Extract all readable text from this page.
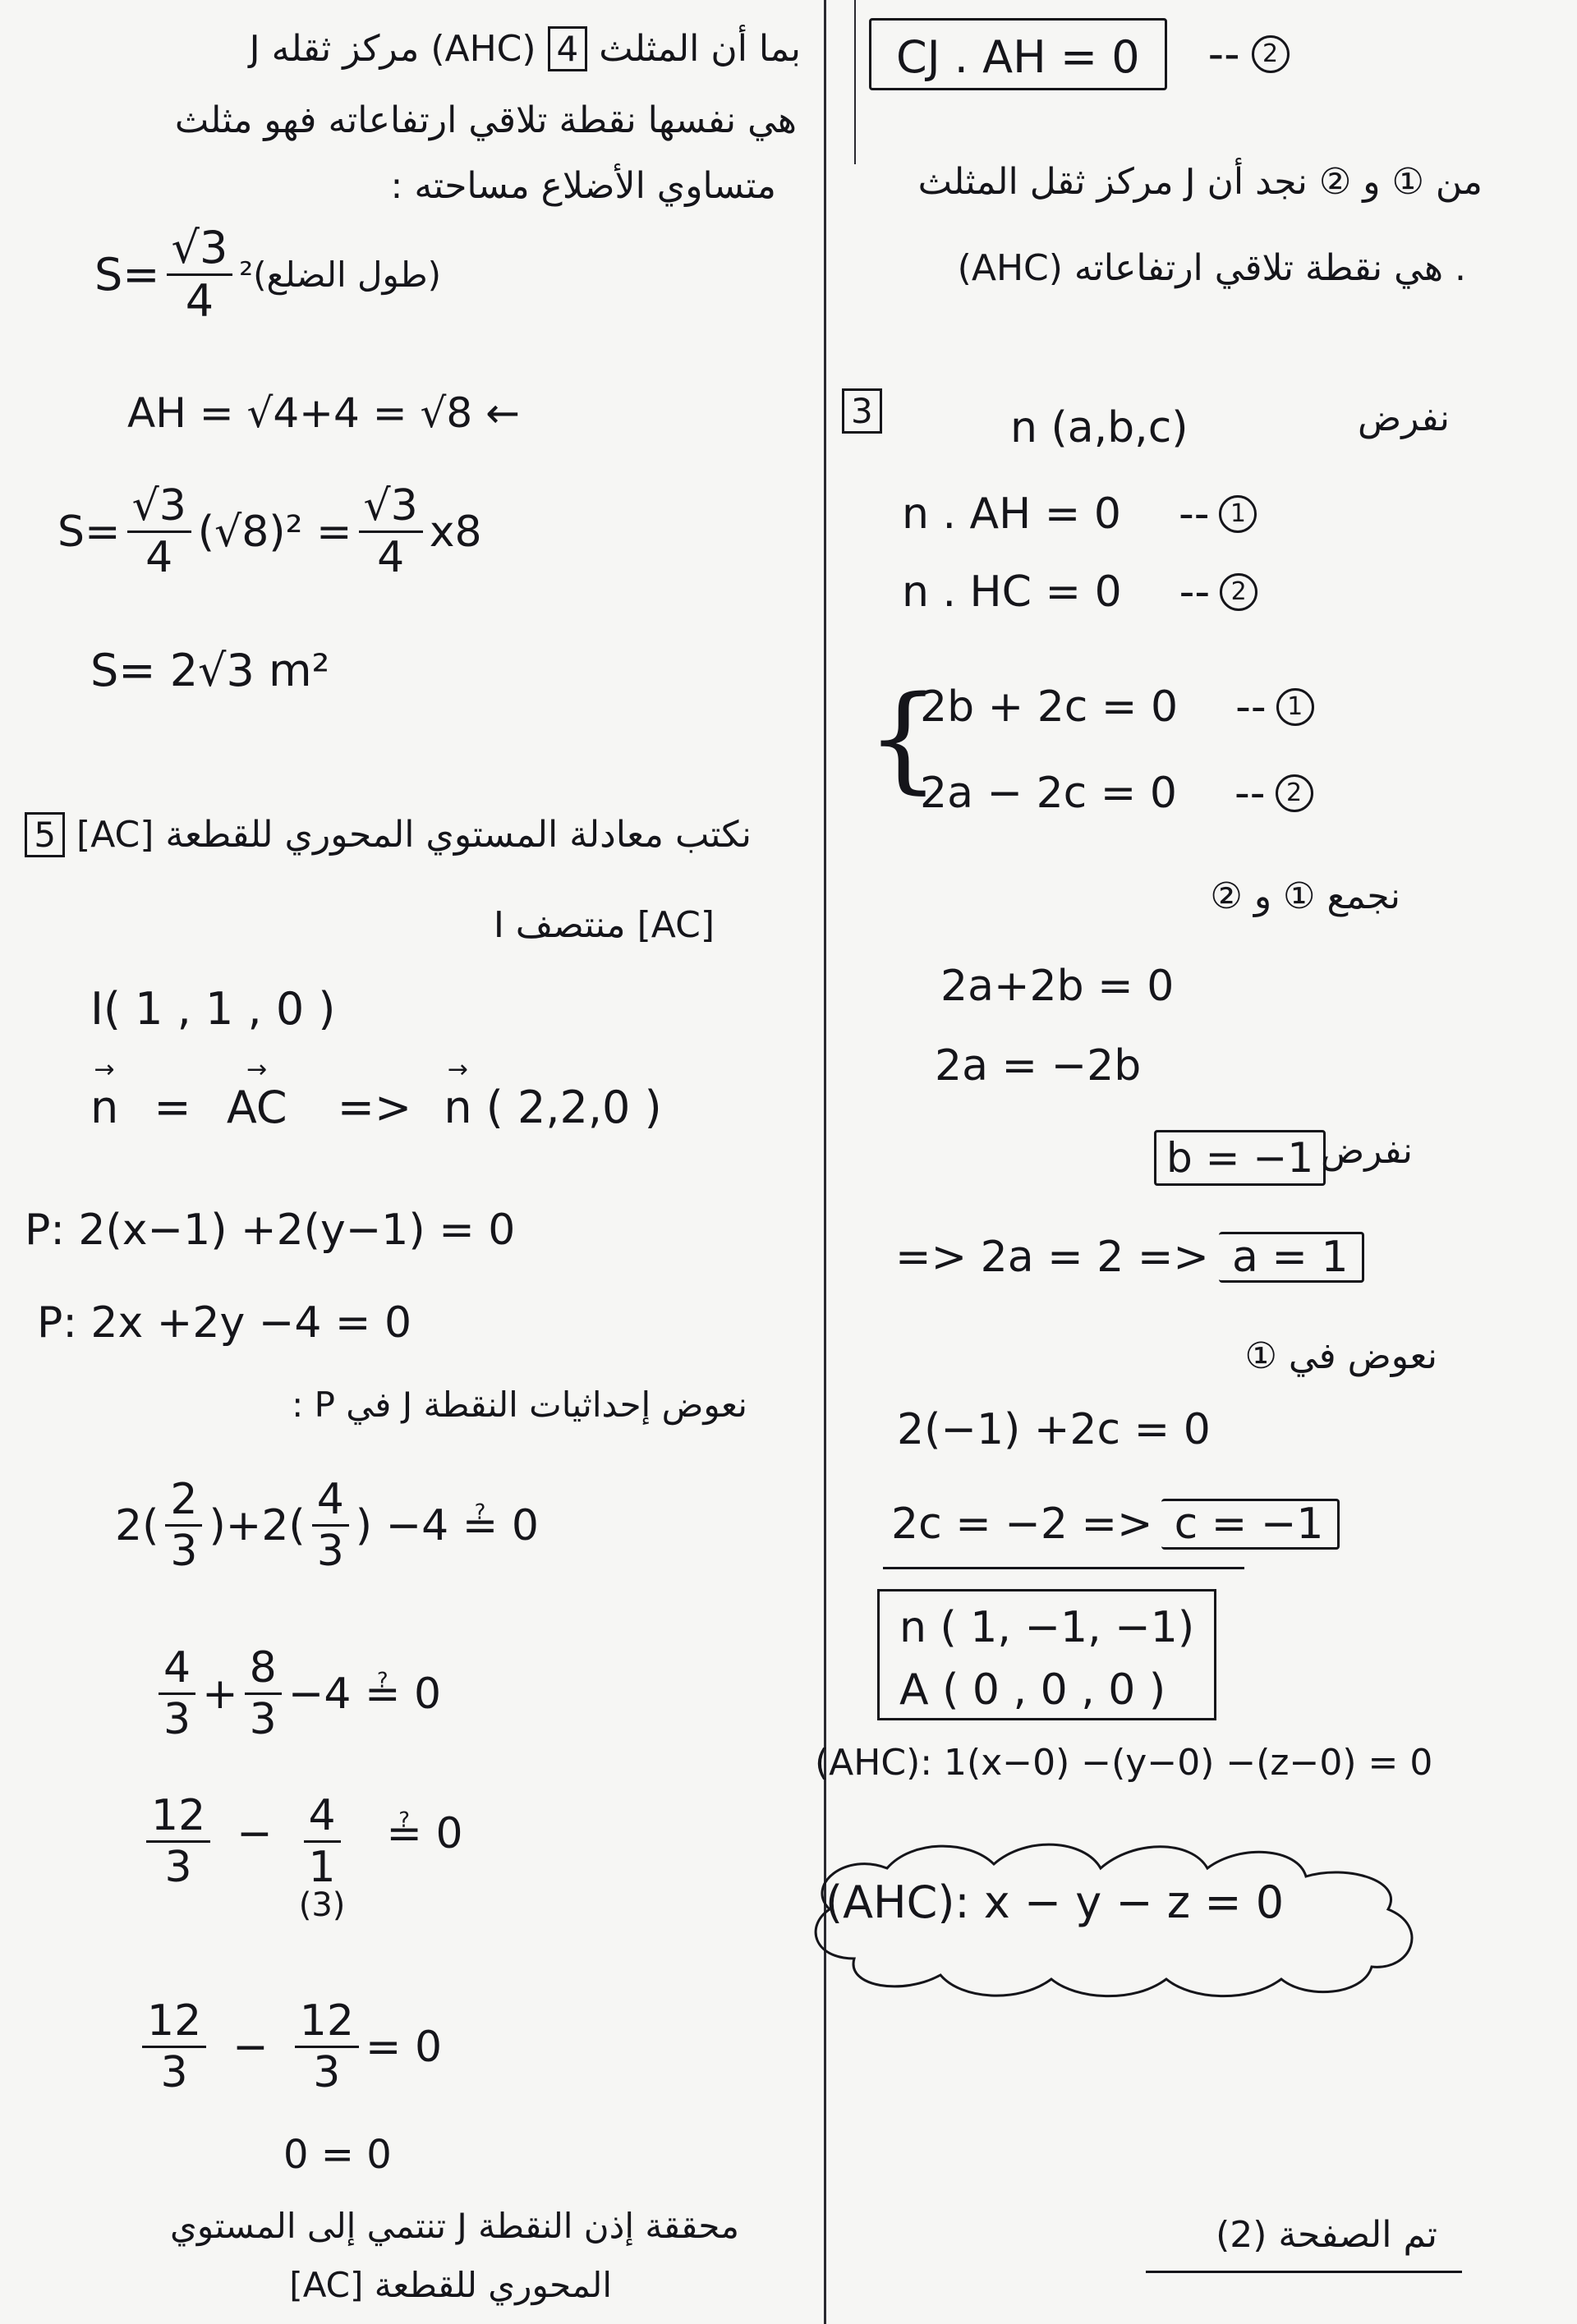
J مركز ثقله (AHC) بما أن المثلث 4
هي نفسها نقطة تلاقي ارتفاعاته فهو مثلث
متساوي الأضلاع مساحته :
$S= \frac{√3}{4}$ (طول الضلع)²
AH = √4+4 = √8 ←
$S= \frac{√3}{4} (√8)^2 = \frac{√3}{4} x8$
S= 2√3 m²
نكتب معادلة المستوي المحوري للقطعة [AC] 5
I منتصف [AC]
I( 1 , 1 , 0 )
→ n = → AC => → n ( 2,2,0 )
P: 2(x−1) +2(y−1) = 0
P: 2x +2y −4 = 0
نعوض إحداثيات النقطة J في P :
$2( \frac{2}{3} )+2( \frac{4}{3}$ ) −4 ≟ 0
$\frac{4}{3} + \frac{8}{3} -4$ ≟ 0
$\frac{12}{3} - 4$
1
(3)
≟ 0
$\frac{12}{3} - \frac{12}{3} = 0$
0 = 0
محققة إذن النقطة J تنتمي إلى المستوي
المحوري للقطعة [AC]
CJ . AH = 0	-- 2
من ① و ② نجد أن J مركز ثقل المثلث
(AHC) هي نقطة تلاقي ارتفاعاته .
3	n (a,b,c)	نفرض
n . AH = 0 -- 1
n . HC = 0 -- 2
{
2b + 2c = 0 -- 1
2a − 2c = 0 -- 2
نجمع ① و ②
2a+2b = 0
2a = −2b
b = −1 نفرض
=> 2a = 2 => a = 1
نعوض في ①
2(−1) +2c = 0
2c = −2 => c = −1
n ( 1, −1, −1)
A ( 0 , 0 , 0 )
(AHC): 1(x−0) −(y−0) −(z−0) = 0
(AHC): x − y − z = 0
تم الصفحة (2)
